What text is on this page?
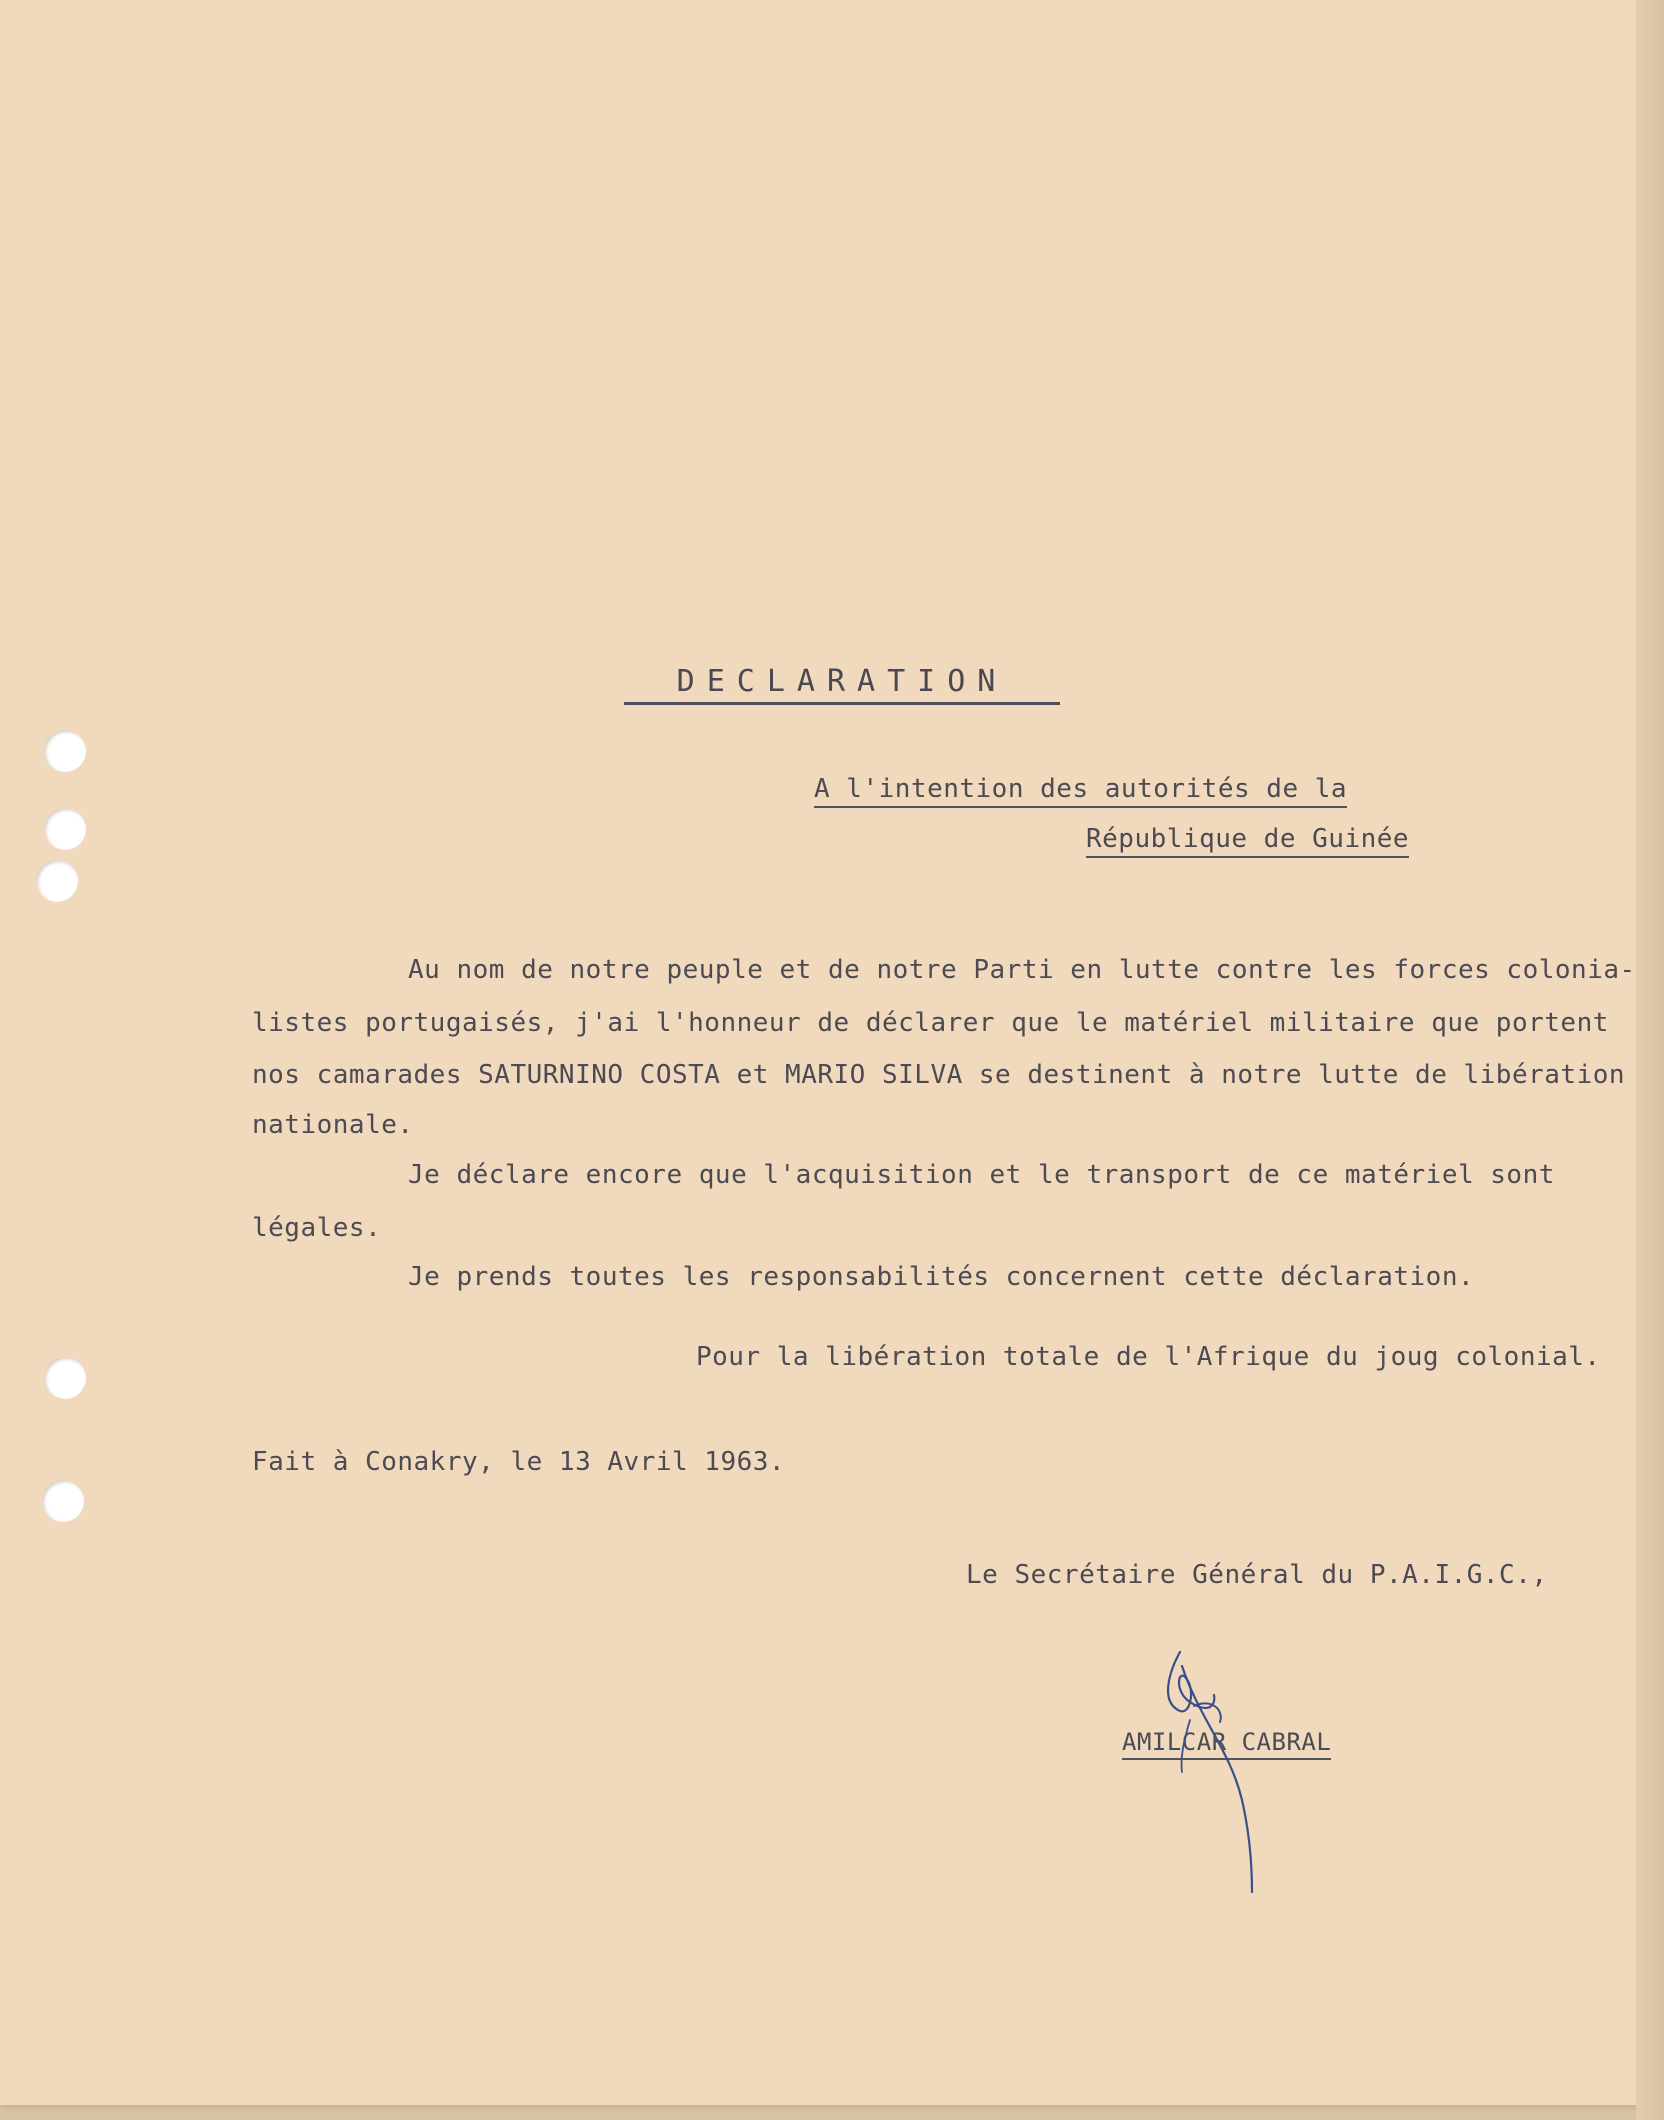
DECLARATION
A l'intention des autorités de la
République de Guinée
Au nom de notre peuple et de notre Parti en lutte contre les forces colonia-
listes portugaisés, j'ai l'honneur de déclarer que le matériel militaire que portent
nos camarades SATURNINO COSTA et MARIO SILVA se destinent à notre lutte de libération
nationale.
Je déclare encore que l'acquisition et le transport de ce matériel sont
légales.
Je prends toutes les responsabilités concernent cette déclaration.
Pour la libération totale de l'Afrique du joug colonial.
Fait à Conakry, le 13 Avril 1963.
Le Secrétaire Général du P.A.I.G.C.,
AMILCAR CABRAL
